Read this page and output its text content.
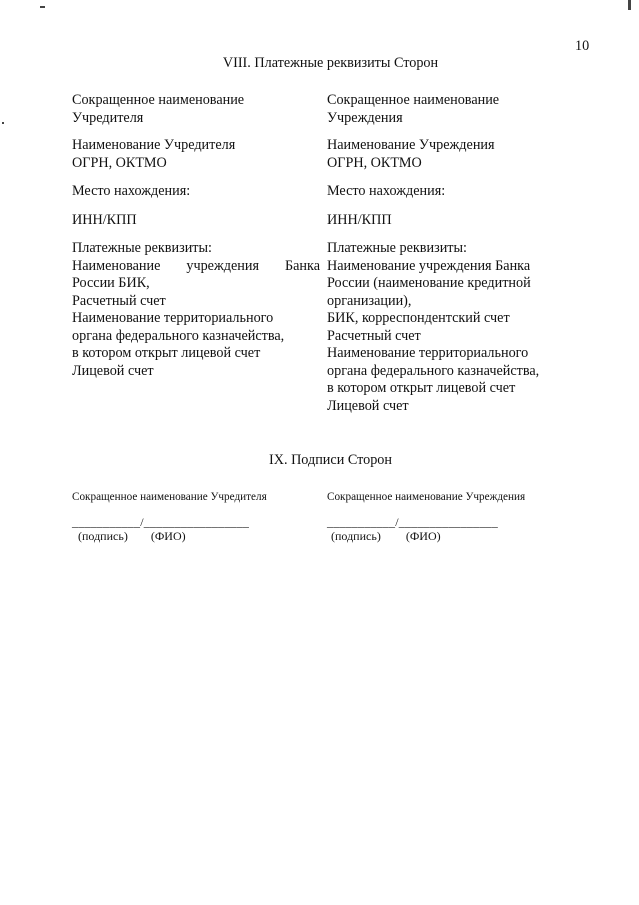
10
VIII. Платежные реквизиты Сторон
Сокращенное наименование
Учредителя
Наименование Учредителя
ОГРН, ОКТМО
Место нахождения:
ИНН/КПП
Платежные реквизиты:
Наименование учреждения Банка
России БИК,
Расчетный счет
Наименование территориального
органа федерального казначейства,
в котором открыт лицевой счет
Лицевой счет
Сокращенное наименование
Учреждения
Наименование Учреждения
ОГРН, ОКТМО
Место нахождения:
ИНН/КПП
Платежные реквизиты:
Наименование учреждения Банка
России (наименование кредитной
организации),
БИК, корреспондентский счет
Расчетный счет
Наименование территориального
органа федерального казначейства,
в котором открыт лицевой счет
Лицевой счет
IX. Подписи Сторон
Сокращенное наименование Учредителя
___________/_________________
(подпись) (ФИО)
Сокращенное наименование Учреждения
___________/________________
(подпись) (ФИО)
